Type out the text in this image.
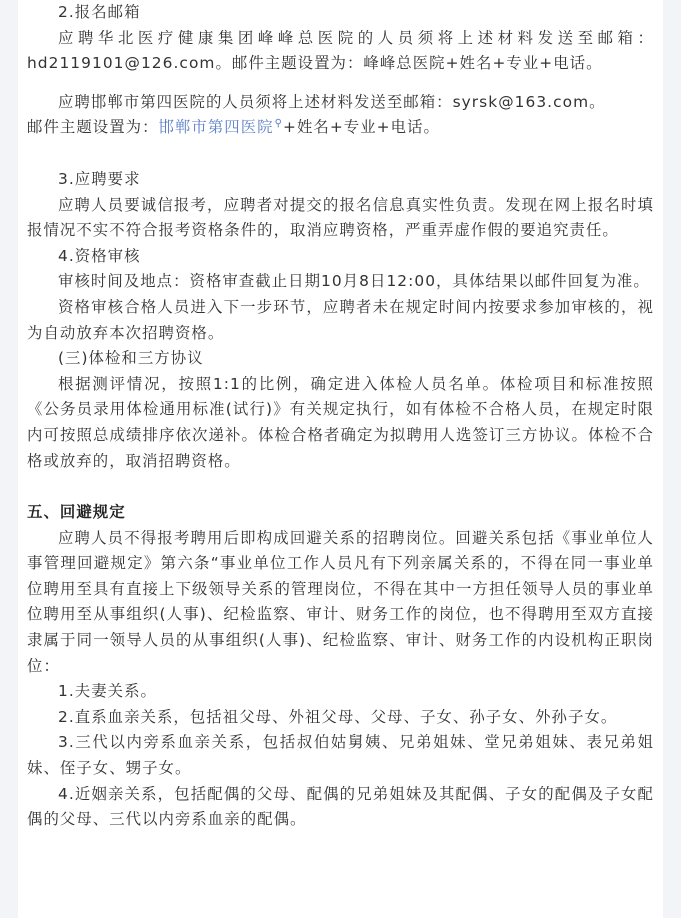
2.报名邮箱

应聘华北医疗健康集团峰峰总医院的人员须将上述材料发送至邮箱：hd2119101@126.com。邮件主题设置为：峰峰总医院+姓名+专业+电话。

应聘邯郸市第四医院的人员须将上述材料发送至邮箱：syrsk@163.com。

邮件主题设置为：邯郸市第四医院⚲+姓名+专业+电话。

3.应聘要求

应聘人员要诚信报考，应聘者对提交的报名信息真实性负责。发现在网上报名时填报情况不实不符合报考资格条件的，取消应聘资格，严重弄虚作假的要追究责任。

4.资格审核

审核时间及地点：资格审查截止日期10月8日12:00，具体结果以邮件回复为准。

资格审核合格人员进入下一步环节，应聘者未在规定时间内按要求参加审核的，视为自动放弃本次招聘资格。

(三)体检和三方协议

根据测评情况，按照1:1的比例，确定进入体检人员名单。体检项目和标准按照《公务员录用体检通用标准(试行)》有关规定执行，如有体检不合格人员，在规定时限内可按照总成绩排序依次递补。体检合格者确定为拟聘用人选签订三方协议。体检不合格或放弃的，取消招聘资格。

五、回避规定

应聘人员不得报考聘用后即构成回避关系的招聘岗位。回避关系包括《事业单位人事管理回避规定》第六条“事业单位工作人员凡有下列亲属关系的，不得在同一事业单位聘用至具有直接上下级领导关系的管理岗位，不得在其中一方担任领导人员的事业单位聘用至从事组织(人事)、纪检监察、审计、财务工作的岗位，也不得聘用至双方直接隶属于同一领导人员的从事组织(人事)、纪检监察、审计、财务工作的内设机构正职岗位：

1.夫妻关系。

2.直系血亲关系，包括祖父母、外祖父母、父母、子女、孙子女、外孙子女。

3.三代以内旁系血亲关系，包括叔伯姑舅姨、兄弟姐妹、堂兄弟姐妹、表兄弟姐妹、侄子女、甥子女。

4.近姻亲关系，包括配偶的父母、配偶的兄弟姐妹及其配偶、子女的配偶及子女配偶的父母、三代以内旁系血亲的配偶。
